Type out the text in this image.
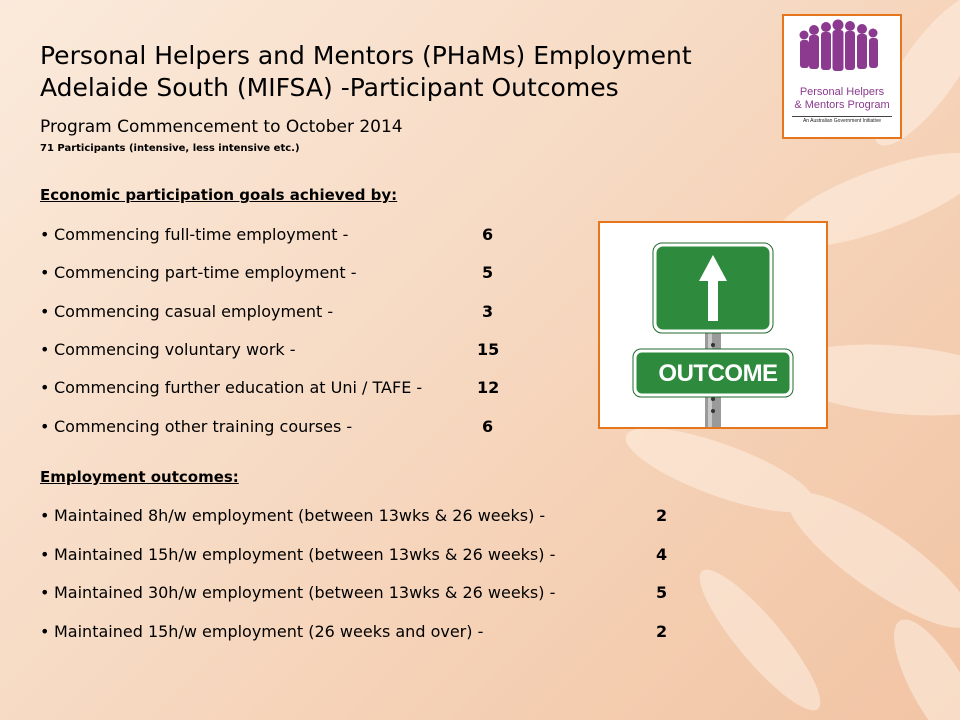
Personal Helpers and Mentors (PHaMs) Employment
Adelaide South (MIFSA) -Participant Outcomes
Program Commencement to October 2014
71 Participants (intensive, less intensive etc.)
Personal Helpers
& Mentors Program
An Australian Government Initiative
Economic participation goals achieved by:
• Commencing full-time employment -	6
• Commencing part-time employment -	5
• Commencing casual employment -	3
• Commencing voluntary work -	15
• Commencing further education at Uni / TAFE -	12
• Commencing other training courses -	6
OUTCOME
Employment outcomes:
• Maintained 8h/w employment (between 13wks & 26 weeks) -	2
• Maintained 15h/w employment (between 13wks & 26 weeks) -	4
• Maintained 30h/w employment (between 13wks & 26 weeks) -	5
• Maintained 15h/w employment (26 weeks and over) -	2
